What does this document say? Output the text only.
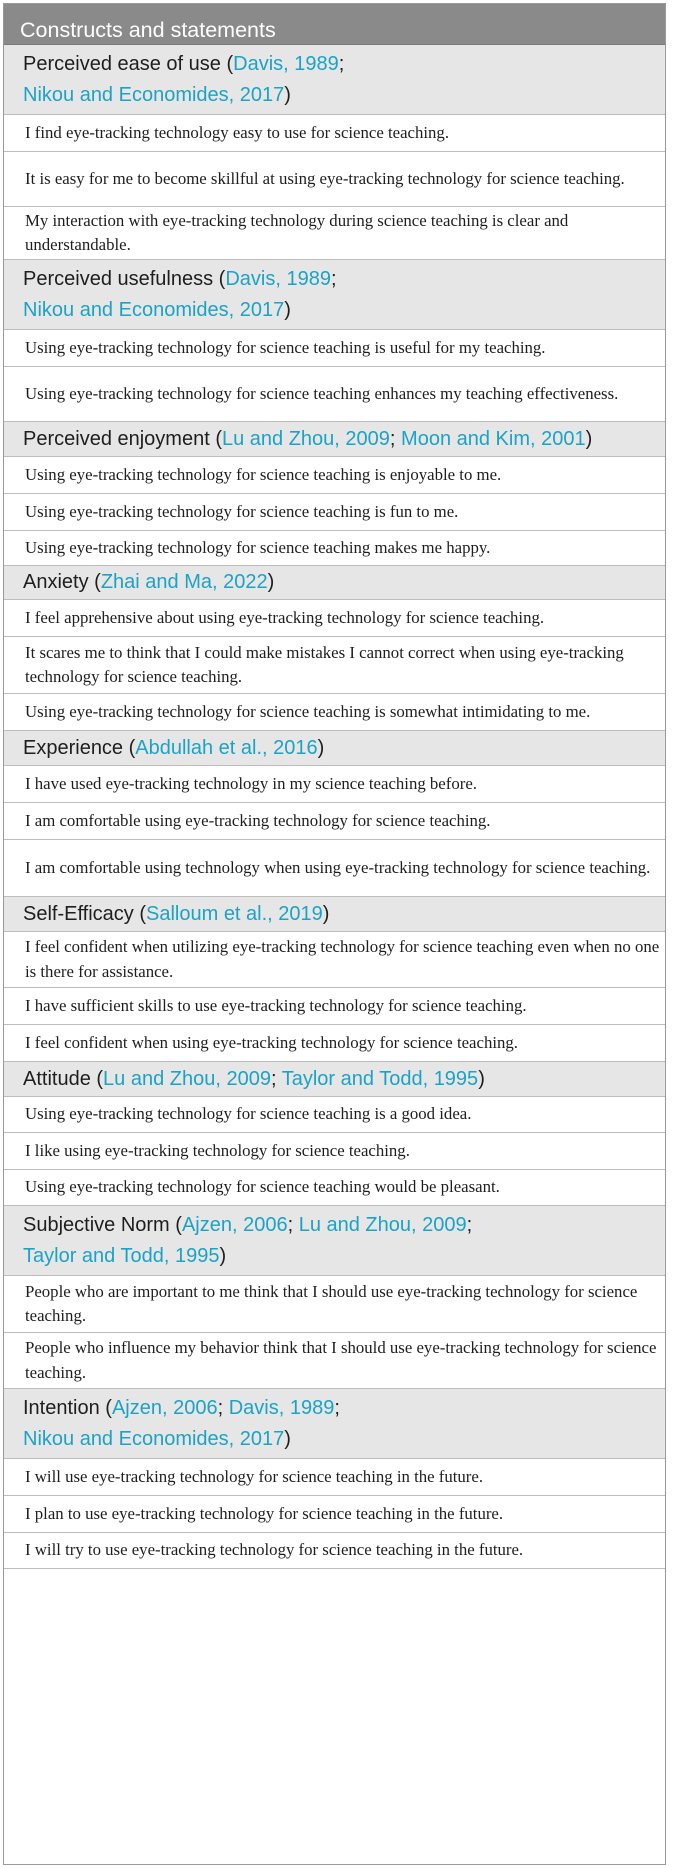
Constructs and statements
Perceived ease of use (Davis, 1989;
Nikou and Economides, 2017)
I find eye-tracking technology easy to use for science teaching.
It is easy for me to become skillful at using eye-tracking technology for science teaching.
My interaction with eye-tracking technology during science teaching is clear and understandable.
Perceived usefulness (Davis, 1989;
Nikou and Economides, 2017)
Using eye-tracking technology for science teaching is useful for my teaching.
Using eye-tracking technology for science teaching enhances my teaching effectiveness.
Perceived enjoyment (Lu and Zhou, 2009; Moon and Kim, 2001)
Using eye-tracking technology for science teaching is enjoyable to me.
Using eye-tracking technology for science teaching is fun to me.
Using eye-tracking technology for science teaching makes me happy.
Anxiety (Zhai and Ma, 2022)
I feel apprehensive about using eye-tracking technology for science teaching.
It scares me to think that I could make mistakes I cannot correct when using eye-tracking technology for science teaching.
Using eye-tracking technology for science teaching is somewhat intimidating to me.
Experience (Abdullah et al., 2016)
I have used eye-tracking technology in my science teaching before.
I am comfortable using eye-tracking technology for science teaching.
I am comfortable using technology when using eye-tracking technology for science teaching.
Self-Efficacy (Salloum et al., 2019)
I feel confident when utilizing eye-tracking technology for science teaching even when no one is there for assistance.
I have sufficient skills to use eye-tracking technology for science teaching.
I feel confident when using eye-tracking technology for science teaching.
Attitude (Lu and Zhou, 2009; Taylor and Todd, 1995)
Using eye-tracking technology for science teaching is a good idea.
I like using eye-tracking technology for science teaching.
Using eye-tracking technology for science teaching would be pleasant.
Subjective Norm (Ajzen, 2006; Lu and Zhou, 2009;
Taylor and Todd, 1995)
People who are important to me think that I should use eye-tracking technology for science teaching.
People who influence my behavior think that I should use eye-tracking technology for science teaching.
Intention (Ajzen, 2006; Davis, 1989;
Nikou and Economides, 2017)
I will use eye-tracking technology for science teaching in the future.
I plan to use eye-tracking technology for science teaching in the future.
I will try to use eye-tracking technology for science teaching in the future.
